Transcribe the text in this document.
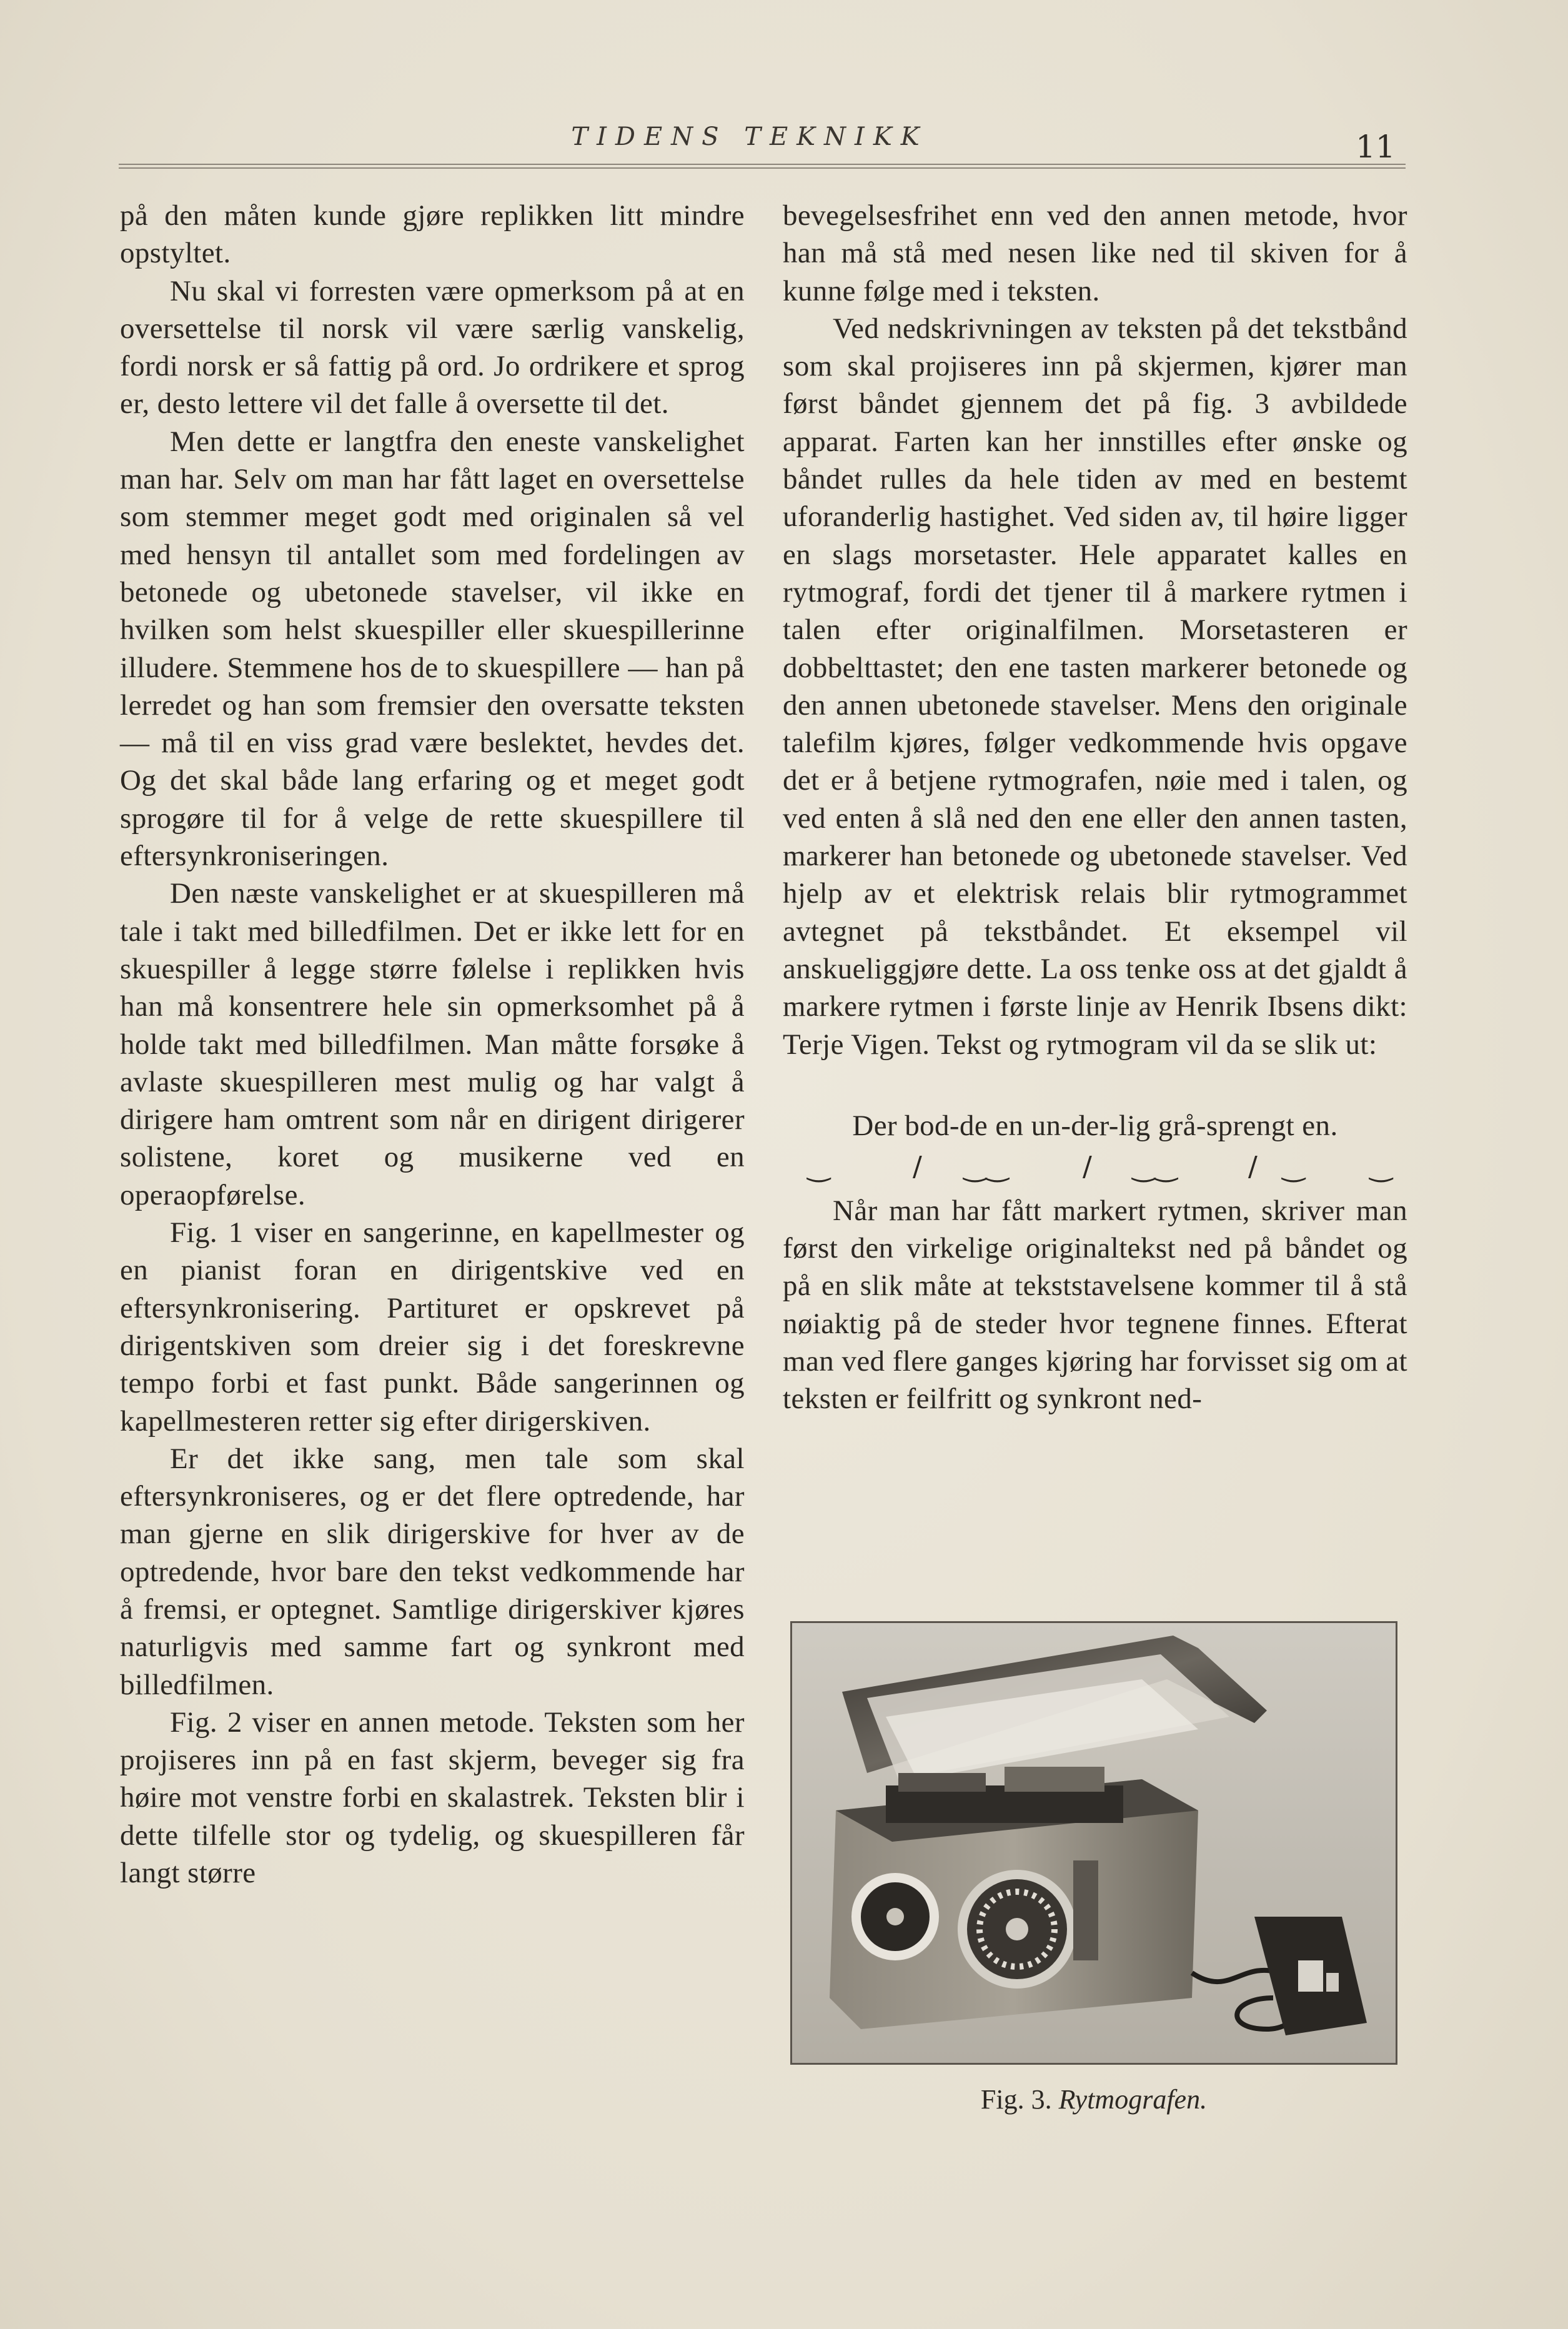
TIDENS TEKNIKK	11

på den måten kunde gjøre replikken litt mindre opstyltet.

Nu skal vi forresten være opmerksom på at en oversettelse til norsk vil være særlig vanskelig, fordi norsk er så fattig på ord. Jo ordrikere et sprog er, desto lettere vil det falle å oversette til det.

Men dette er langtfra den eneste vanskelighet man har. Selv om man har fått laget en oversettelse som stemmer meget godt med originalen så vel med hensyn til antallet som med fordelingen av betonede og ubetonede stavelser, vil ikke en hvilken som helst skuespiller eller skuespillerinne illudere. Stemmene hos de to skuespillere — han på lerredet og han som fremsier den oversatte teksten — må til en viss grad være beslektet, hevdes det. Og det skal både lang erfaring og et meget godt sprogøre til for å velge de rette skuespillere til eftersynkroniseringen.

Den næste vanskelighet er at skuespilleren må tale i takt med billedfilmen. Det er ikke lett for en skuespiller å legge større følelse i replikken hvis han må konsentrere hele sin opmerksomhet på å holde takt med billedfilmen. Man måtte forsøke å avlaste skuespilleren mest mulig og har valgt å dirigere ham omtrent som når en dirigent dirigerer solistene, koret og musikerne ved en operaopførelse.

Fig. 1 viser en sangerinne, en kapellmester og en pianist foran en dirigentskive ved en eftersynkronisering. Partituret er opskrevet på dirigentskiven som dreier sig i det foreskrevne tempo forbi et fast punkt. Både sangerinnen og kapellmesteren retter sig efter dirigerskiven.

Er det ikke sang, men tale som skal eftersynkroniseres, og er det flere optredende, har man gjerne en slik dirigerskive for hver av de optredende, hvor bare den tekst vedkommende har å fremsi, er optegnet. Samtlige dirigerskiver kjøres naturligvis med samme fart og synkront med billedfilmen.

Fig. 2 viser en annen metode. Teksten som her projiseres inn på en fast skjerm, beveger sig fra høire mot venstre forbi en skalastrek. Teksten blir i dette tilfelle stor og tydelig, og skuespilleren får langt større

bevegelsesfrihet enn ved den annen metode, hvor han må stå med nesen like ned til skiven for å kunne følge med i teksten.

Ved nedskrivningen av teksten på det tekstbånd som skal projiseres inn på skjermen, kjører man først båndet gjennem det på fig. 3 avbildede apparat. Farten kan her innstilles efter ønske og båndet rulles da hele tiden av med en bestemt uforanderlig hastighet. Ved siden av, til høire ligger en slags morsetaster. Hele apparatet kalles en rytmograf, fordi det tjener til å markere rytmen i talen efter originalfilmen. Morsetasteren er dobbelttastet; den ene tasten markerer betonede og den annen ubetonede stavelser. Mens den originale talefilm kjøres, følger vedkommende hvis opgave det er å betjene rytmografen, nøie med i talen, og ved enten å slå ned den ene eller den annen tasten, markerer han betonede og ubetonede stavelser. Ved hjelp av et elektrisk relais blir rytmogrammet avtegnet på tekstbåndet. Et eksempel vil anskueliggjøre dette. La oss tenke oss at det gjaldt å markere rytmen i første linje av Henrik Ibsens dikt: Terje Vigen. Tekst og rytmogram vil da se slik ut:

Der bod-de en un-der-lig grå-sprengt en.
‿	/ ‿‿	/ ‿‿	/ ‿ ‿

Når man har fått markert rytmen, skriver man først den virkelige originaltekst ned på båndet og på en slik måte at tekststavelsene kommer til å stå nøiaktig på de steder hvor tegnene finnes. Efterat man ved flere ganges kjøring har forvisset sig om at teksten er feilfritt og synkront ned-

Fig. 3. Rytmografen.
